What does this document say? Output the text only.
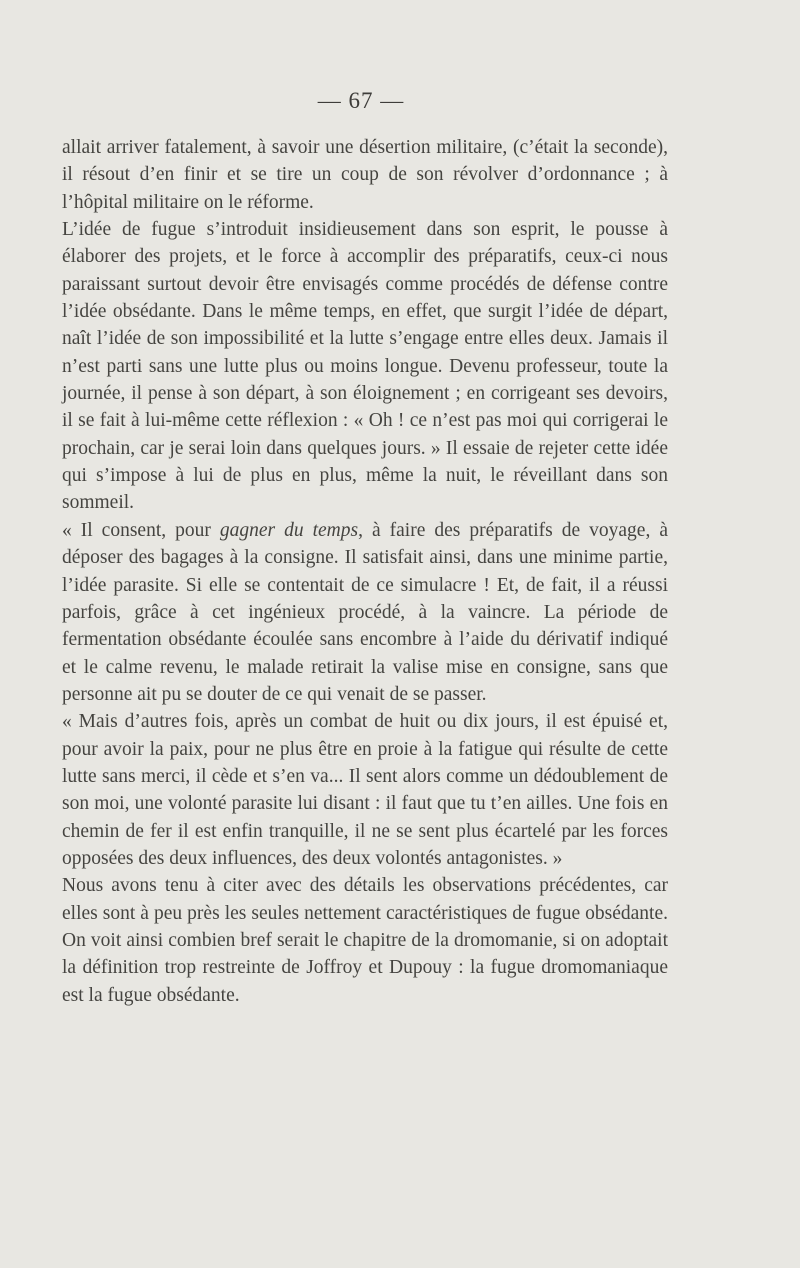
— 67 —

allait arriver fatalement, à savoir une désertion militaire, (c’était la seconde), il résout d’en finir et se tire un coup de son révolver d’ordonnance ; à l’hôpital militaire on le réforme.

L’idée de fugue s’introduit insidieusement dans son esprit, le pousse à élaborer des projets, et le force à accomplir des préparatifs, ceux-ci nous paraissant surtout devoir être envisagés comme procédés de défense contre l’idée obsédante. Dans le même temps, en effet, que surgit l’idée de départ, naît l’idée de son impossibilité et la lutte s’engage entre elles deux. Jamais il n’est parti sans une lutte plus ou moins longue. Devenu professeur, toute la journée, il pense à son départ, à son éloignement ; en corrigeant ses devoirs, il se fait à lui-même cette réflexion : « Oh ! ce n’est pas moi qui corrigerai le prochain, car je serai loin dans quelques jours. » Il essaie de rejeter cette idée qui s’impose à lui de plus en plus, même la nuit, le réveillant dans son sommeil.

« Il consent, pour gagner du temps, à faire des préparatifs de voyage, à déposer des bagages à la consigne. Il satisfait ainsi, dans une minime partie, l’idée parasite. Si elle se contentait de ce simulacre ! Et, de fait, il a réussi parfois, grâce à cet ingénieux procédé, à la vaincre. La période de fermentation obsédante écoulée sans encombre à l’aide du dérivatif indiqué et le calme revenu, le malade retirait la valise mise en consigne, sans que personne ait pu se douter de ce qui venait de se passer.

« Mais d’autres fois, après un combat de huit ou dix jours, il est épuisé et, pour avoir la paix, pour ne plus être en proie à la fatigue qui résulte de cette lutte sans merci, il cède et s’en va... Il sent alors comme un dédoublement de son moi, une volonté parasite lui disant : il faut que tu t’en ailles. Une fois en chemin de fer il est enfin tranquille, il ne se sent plus écartelé par les forces opposées des deux influences, des deux volontés antagonistes. »

Nous avons tenu à citer avec des détails les observations précédentes, car elles sont à peu près les seules nettement caractéristiques de fugue obsédante. On voit ainsi combien bref serait le chapitre de la dromomanie, si on adoptait la définition trop restreinte de Joffroy et Dupouy : la fugue dromomaniaque est la fugue obsédante.
